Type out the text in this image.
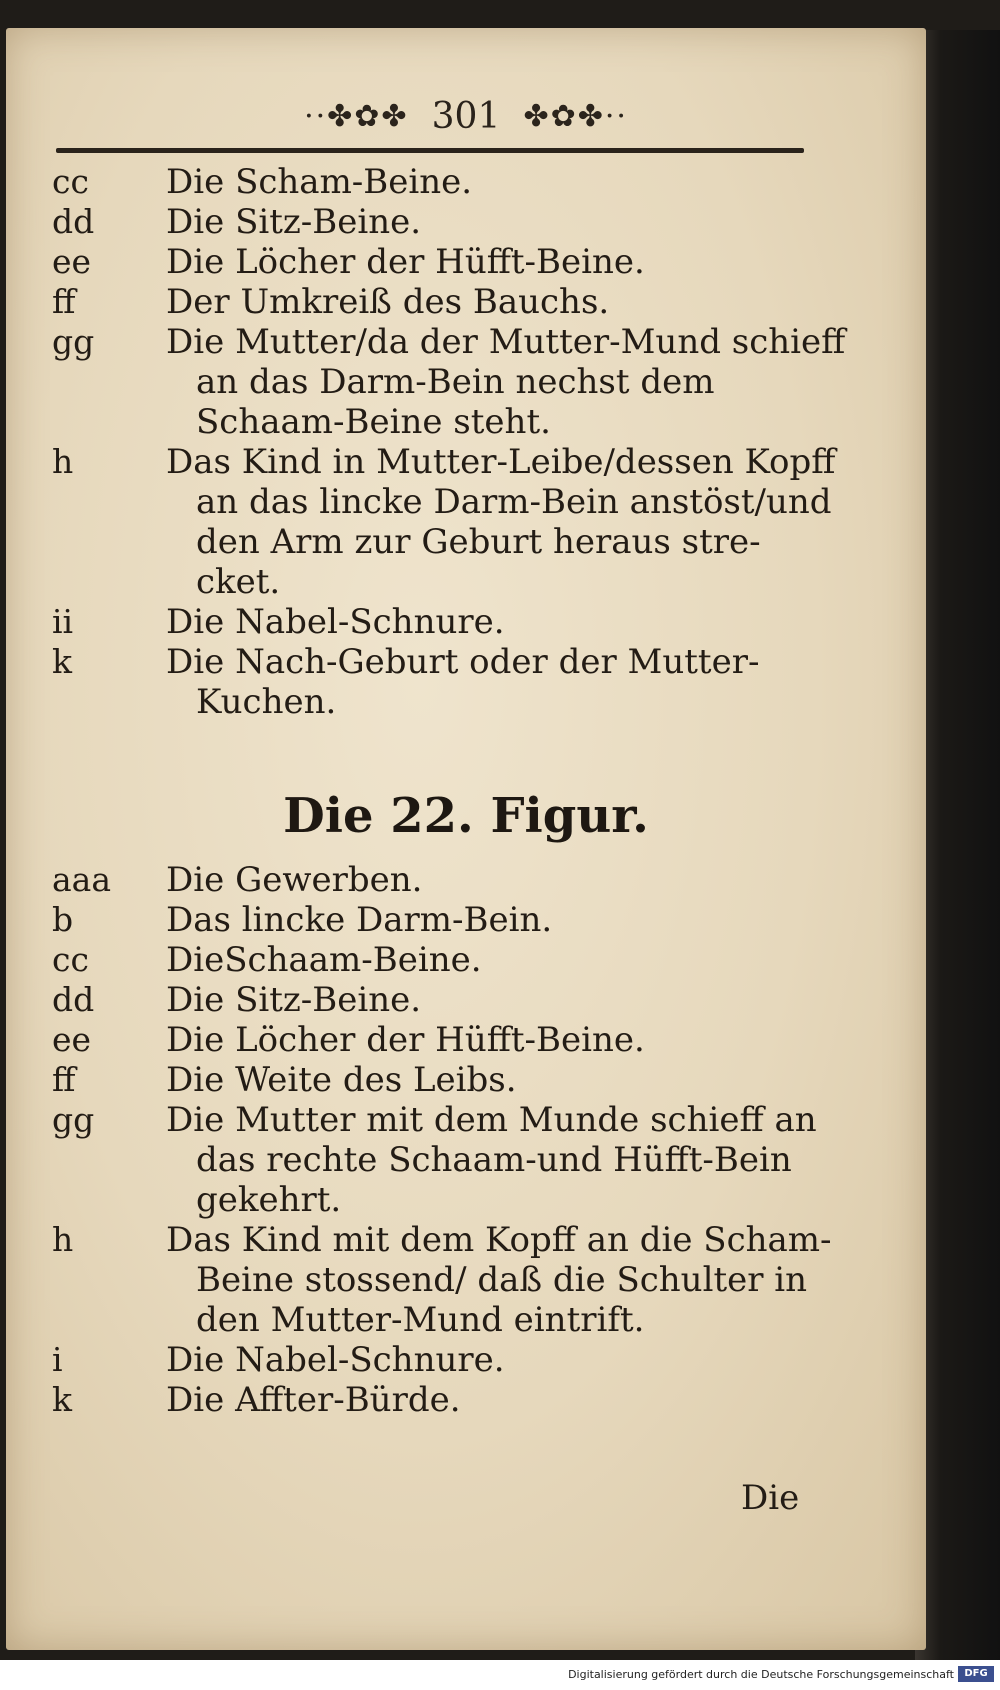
··✤✿✤ 301 ✤✿✤··
cc Die Scham-Beine.
dd Die Sitz-Beine.
ee Die Löcher der Hüfft-Beine.
ff	Der Umkreiß des Bauchs.
gg Die Mutter/da der Mutter-Mund schieff
an das Darm-Bein nechst dem
Schaam-Beine steht.
h	Das Kind in Mutter-Leibe/dessen Kopff
an das lincke Darm-Bein anstöst/und
den Arm zur Geburt heraus stre-
cket.
ii	Die Nabel-Schnure.
k	Die Nach-Geburt oder der Mutter-
Kuchen.
Die 22. Figur.
aaa Die Gewerben.
b	Das lincke Darm-Bein.
cc DieSchaam-Beine.
dd Die Sitz-Beine.
ee Die Löcher der Hüfft-Beine.
ff	Die Weite des Leibs.
gg Die Mutter mit dem Munde schieff an
das rechte Schaam-und Hüfft-Bein
gekehrt.
h	Das Kind mit dem Kopff an die Scham-
Beine stossend/ daß die Schulter in
den Mutter-Mund eintrift.
i	Die Nabel-Schnure.
k	Die Affter-Bürde.
Die
Digitalisierung gefördert durch die Deutsche Forschungsgemeinschaft	DFG
